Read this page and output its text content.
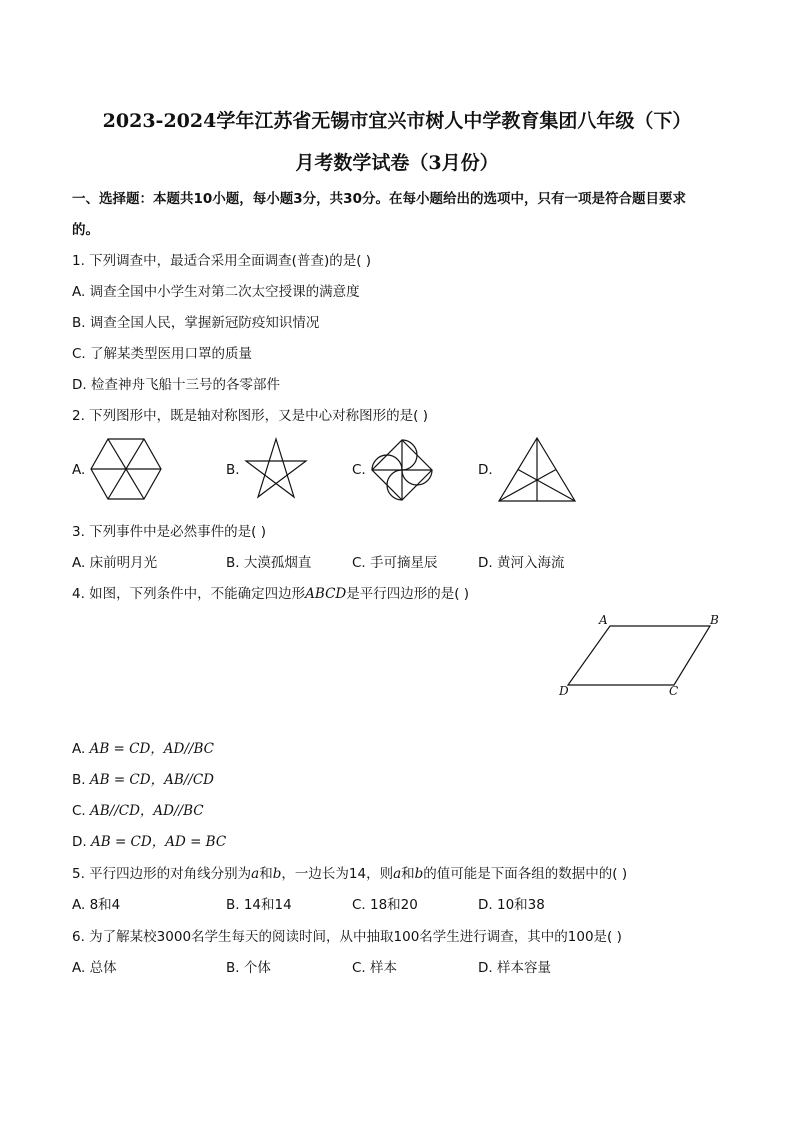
2023-2024学年江苏省无锡市宜兴市树人中学教育集团八年级（下）
月考数学试卷（3月份）
一、选择题：本题共10小题，每小题3分，共30分。在每小题给出的选项中，只有一项是符合题目要求
的。
1. 下列调查中，最适合采用全面调查(普查)的是( )
A. 调查全国中小学生对第二次太空授课的满意度
B. 调查全国人民，掌握新冠防疫知识情况
C. 了解某类型医用口罩的质量
D. 检查神舟飞船十三号的各零部件
2. 下列图形中，既是轴对称图形，又是中心对称图形的是( )
A.	B.	C.	D.
3. 下列事件中是必然事件的是( )
A. 床前明月光	B. 大漠孤烟直	C. 手可摘星辰	D. 黄河入海流
4. 如图，下列条件中，不能确定四边形ABCD是平行四边形的是( )
A	B
C
D
A. AB = CD，AD//BC
B. AB = CD，AB//CD
C. AB//CD，AD//BC
D. AB = CD，AD = BC
5. 平行四边形的对角线分别为a和b，一边长为14，则a和b的值可能是下面各组的数据中的( )
A. 8和4	B. 14和14	C. 18和20	D. 10和38
6. 为了解某校3000名学生每天的阅读时间，从中抽取100名学生进行调查，其中的100是( )
A. 总体	B. 个体	C. 样本	D. 样本容量
